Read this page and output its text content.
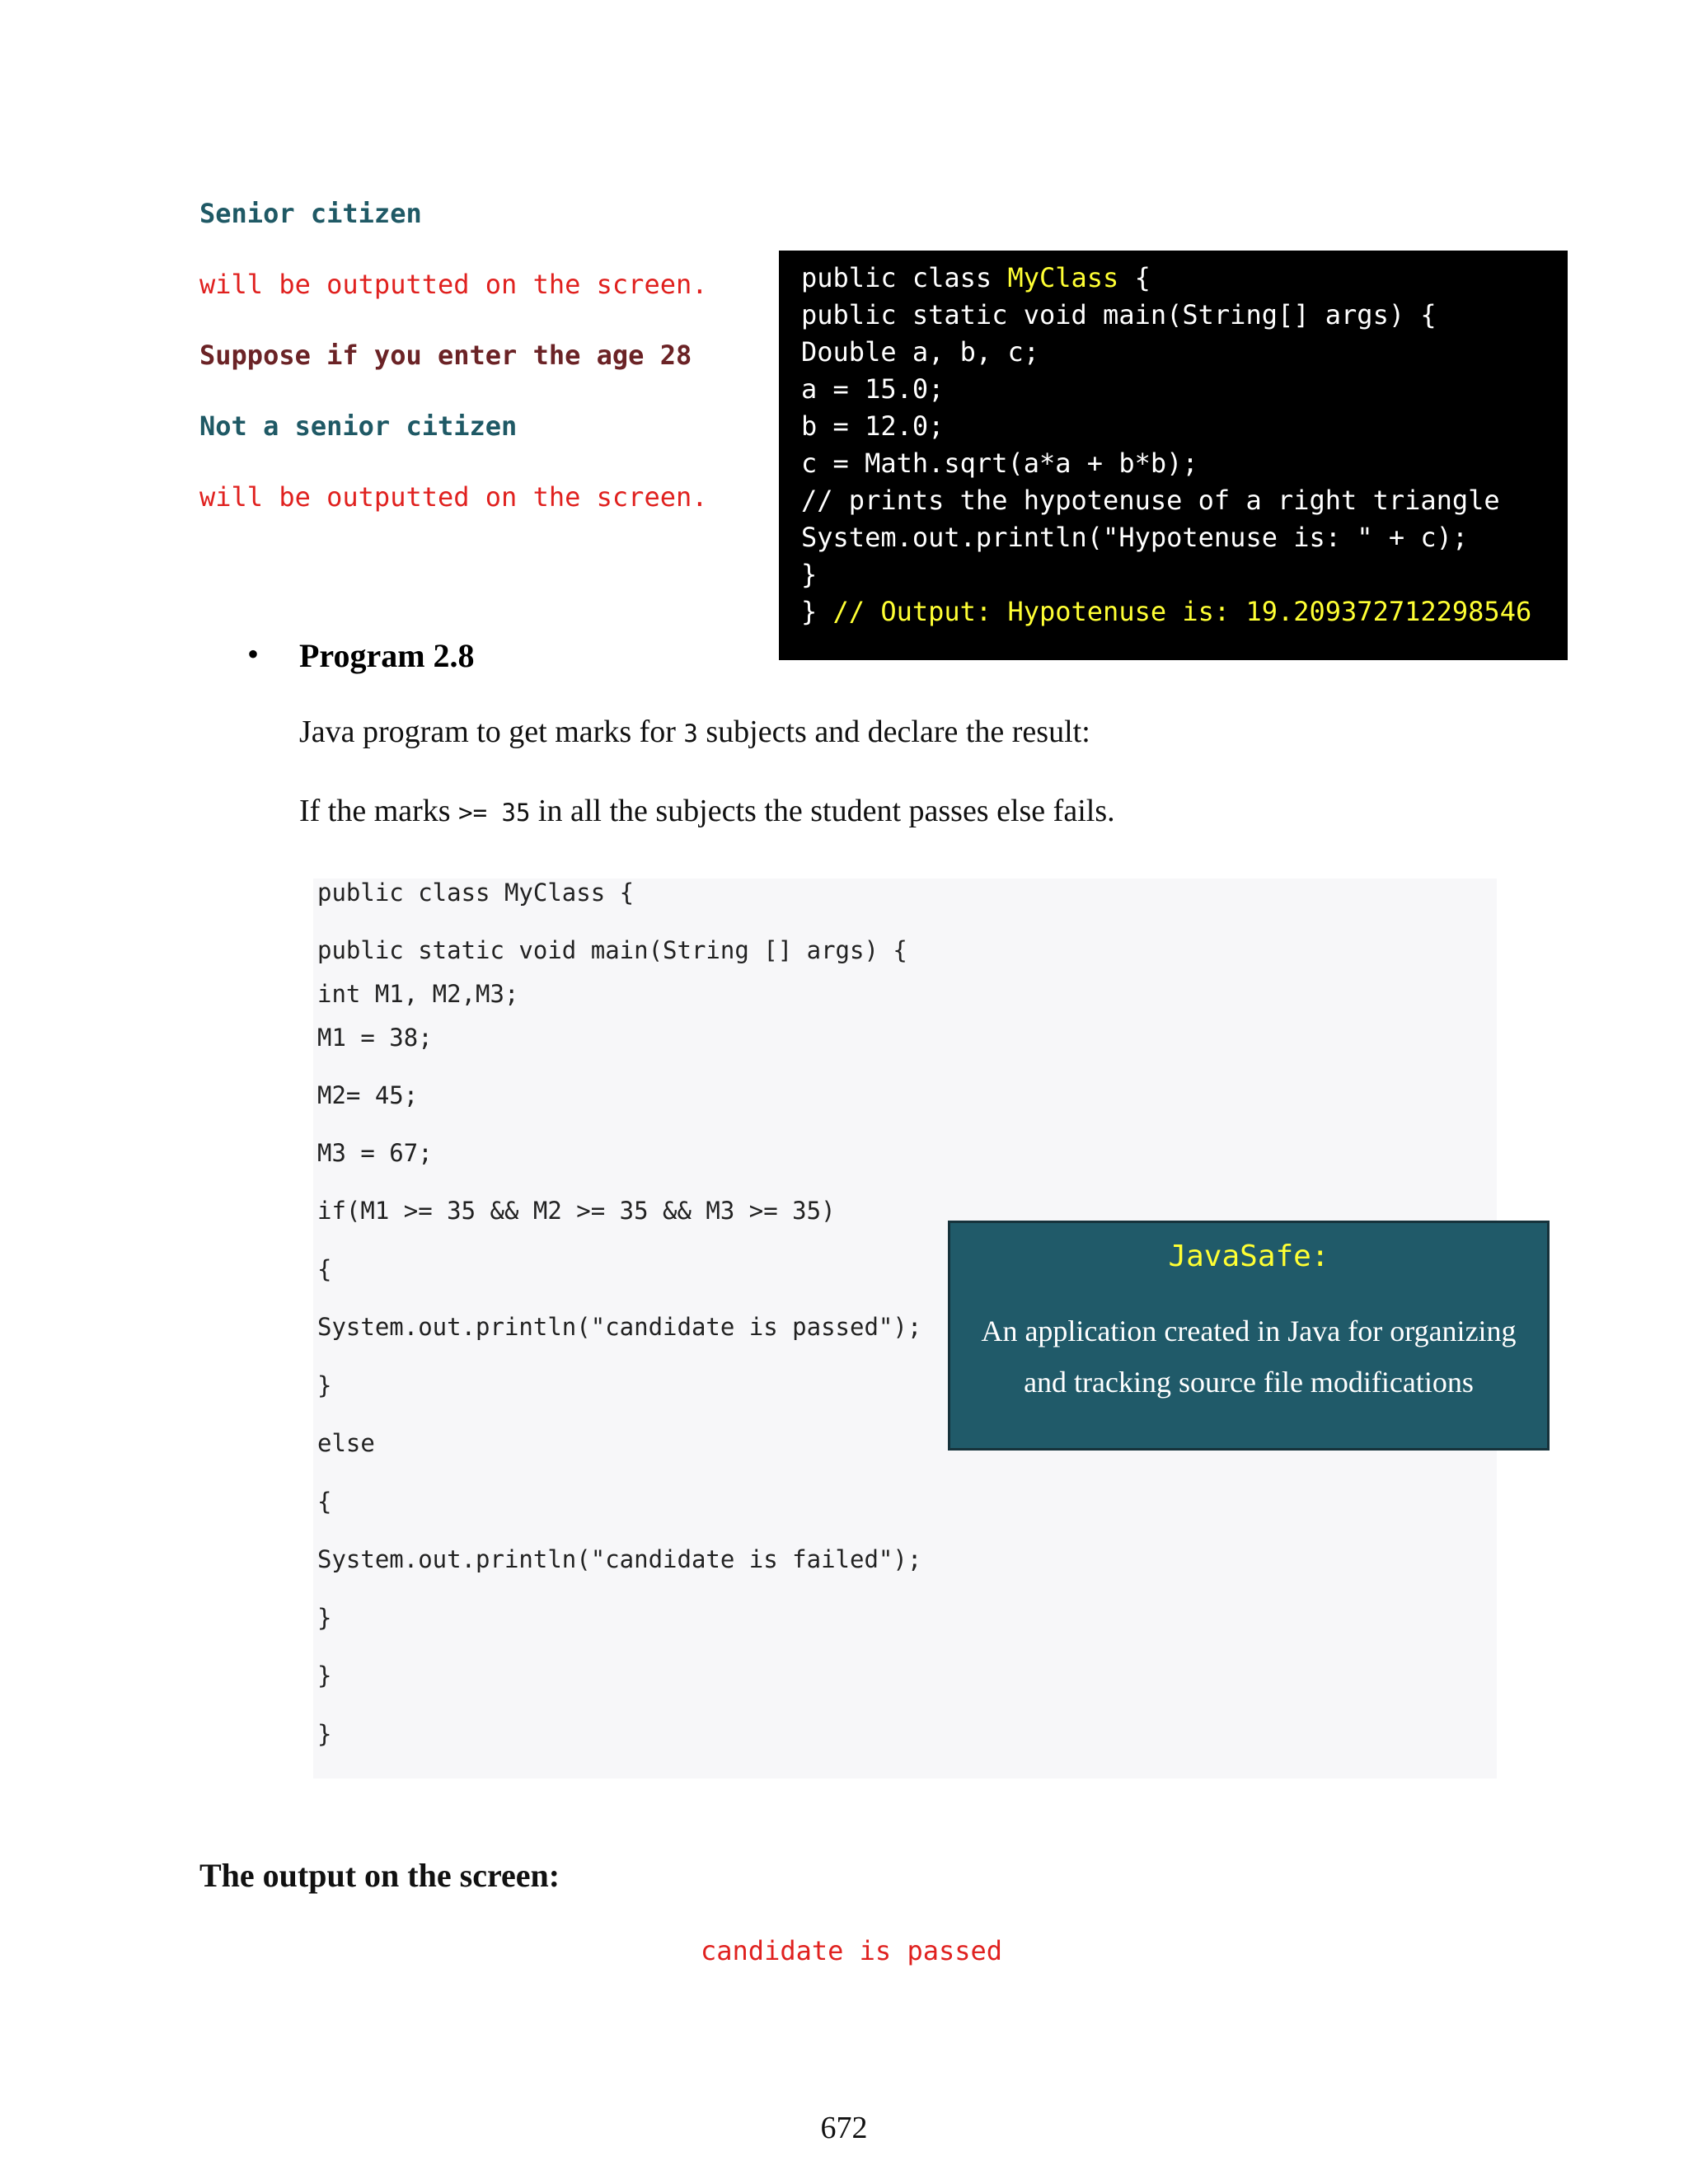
Senior citizen
will be outputted on the screen.
Suppose if you enter the age 28
Not a senior citizen
will be outputted on the screen.
public class MyClass {
public static void main(String[] args) {
Double a, b, c;
a = 15.0;
b = 12.0;
c = Math.sqrt(a*a + b*b);
// prints the hypotenuse of a right triangle
System.out.println("Hypotenuse is: " + c);
}
} // Output: Hypotenuse is: 19.209372712298546
• Program 2.8
Java program to get marks for 3 subjects and declare the result:
If the marks >= 35 in all the subjects the student passes else fails.
public class MyClass {
public static void main(String [] args) {
int M1, M2,M3;
M1 = 38;
M2= 45;
M3 = 67;
if(M1 >= 35 && M2 >= 35 && M3 >= 35)
{
System.out.println("candidate is passed");
}
else
{
System.out.println("candidate is failed");
}
}
}
JavaSafe:
An application created in Java for organizing
and tracking source file modifications
The output on the screen:
candidate is passed
672
